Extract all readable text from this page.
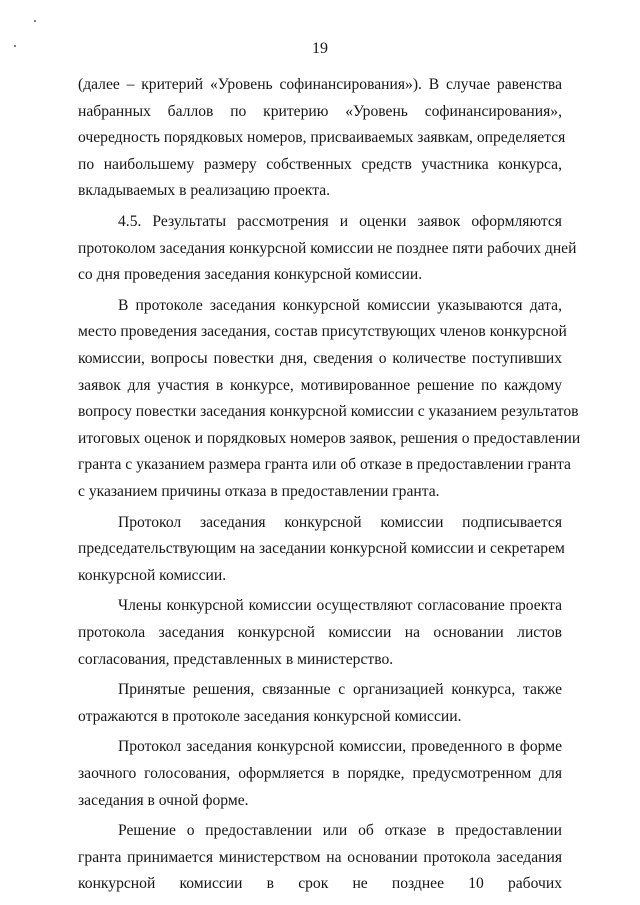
19
(далее – критерий «Уровень софинансирования»). В случае равенства
набранных баллов по критерию «Уровень софинансирования»,
очередность порядковых номеров, присваиваемых заявкам, определяется
по наибольшему размеру собственных средств участника конкурса,
вкладываемых в реализацию проекта.
4.5. Результаты рассмотрения и оценки заявок оформляются
протоколом заседания конкурсной комиссии не позднее пяти рабочих дней
со дня проведения заседания конкурсной комиссии.
В протоколе заседания конкурсной комиссии указываются дата,
место проведения заседания, состав присутствующих членов конкурсной
комиссии, вопросы повестки дня, сведения о количестве поступивших
заявок для участия в конкурсе, мотивированное решение по каждому
вопросу повестки заседания конкурсной комиссии с указанием результатов
итоговых оценок и порядковых номеров заявок, решения о предоставлении
гранта с указанием размера гранта или об отказе в предоставлении гранта
с указанием причины отказа в предоставлении гранта.
Протокол заседания конкурсной комиссии подписывается
председательствующим на заседании конкурсной комиссии и секретарем
конкурсной комиссии.
Члены конкурсной комиссии осуществляют согласование проекта
протокола заседания конкурсной комиссии на основании листов
согласования, представленных в министерство.
Принятые решения, связанные с организацией конкурса, также
отражаются в протоколе заседания конкурсной комиссии.
Протокол заседания конкурсной комиссии, проведенного в форме
заочного голосования, оформляется в порядке, предусмотренном для
заседания в очной форме.
Решение о предоставлении или об отказе в предоставлении
гранта принимается министерством на основании протокола заседания
конкурсной комиссии в срок не позднее 10 рабочих
